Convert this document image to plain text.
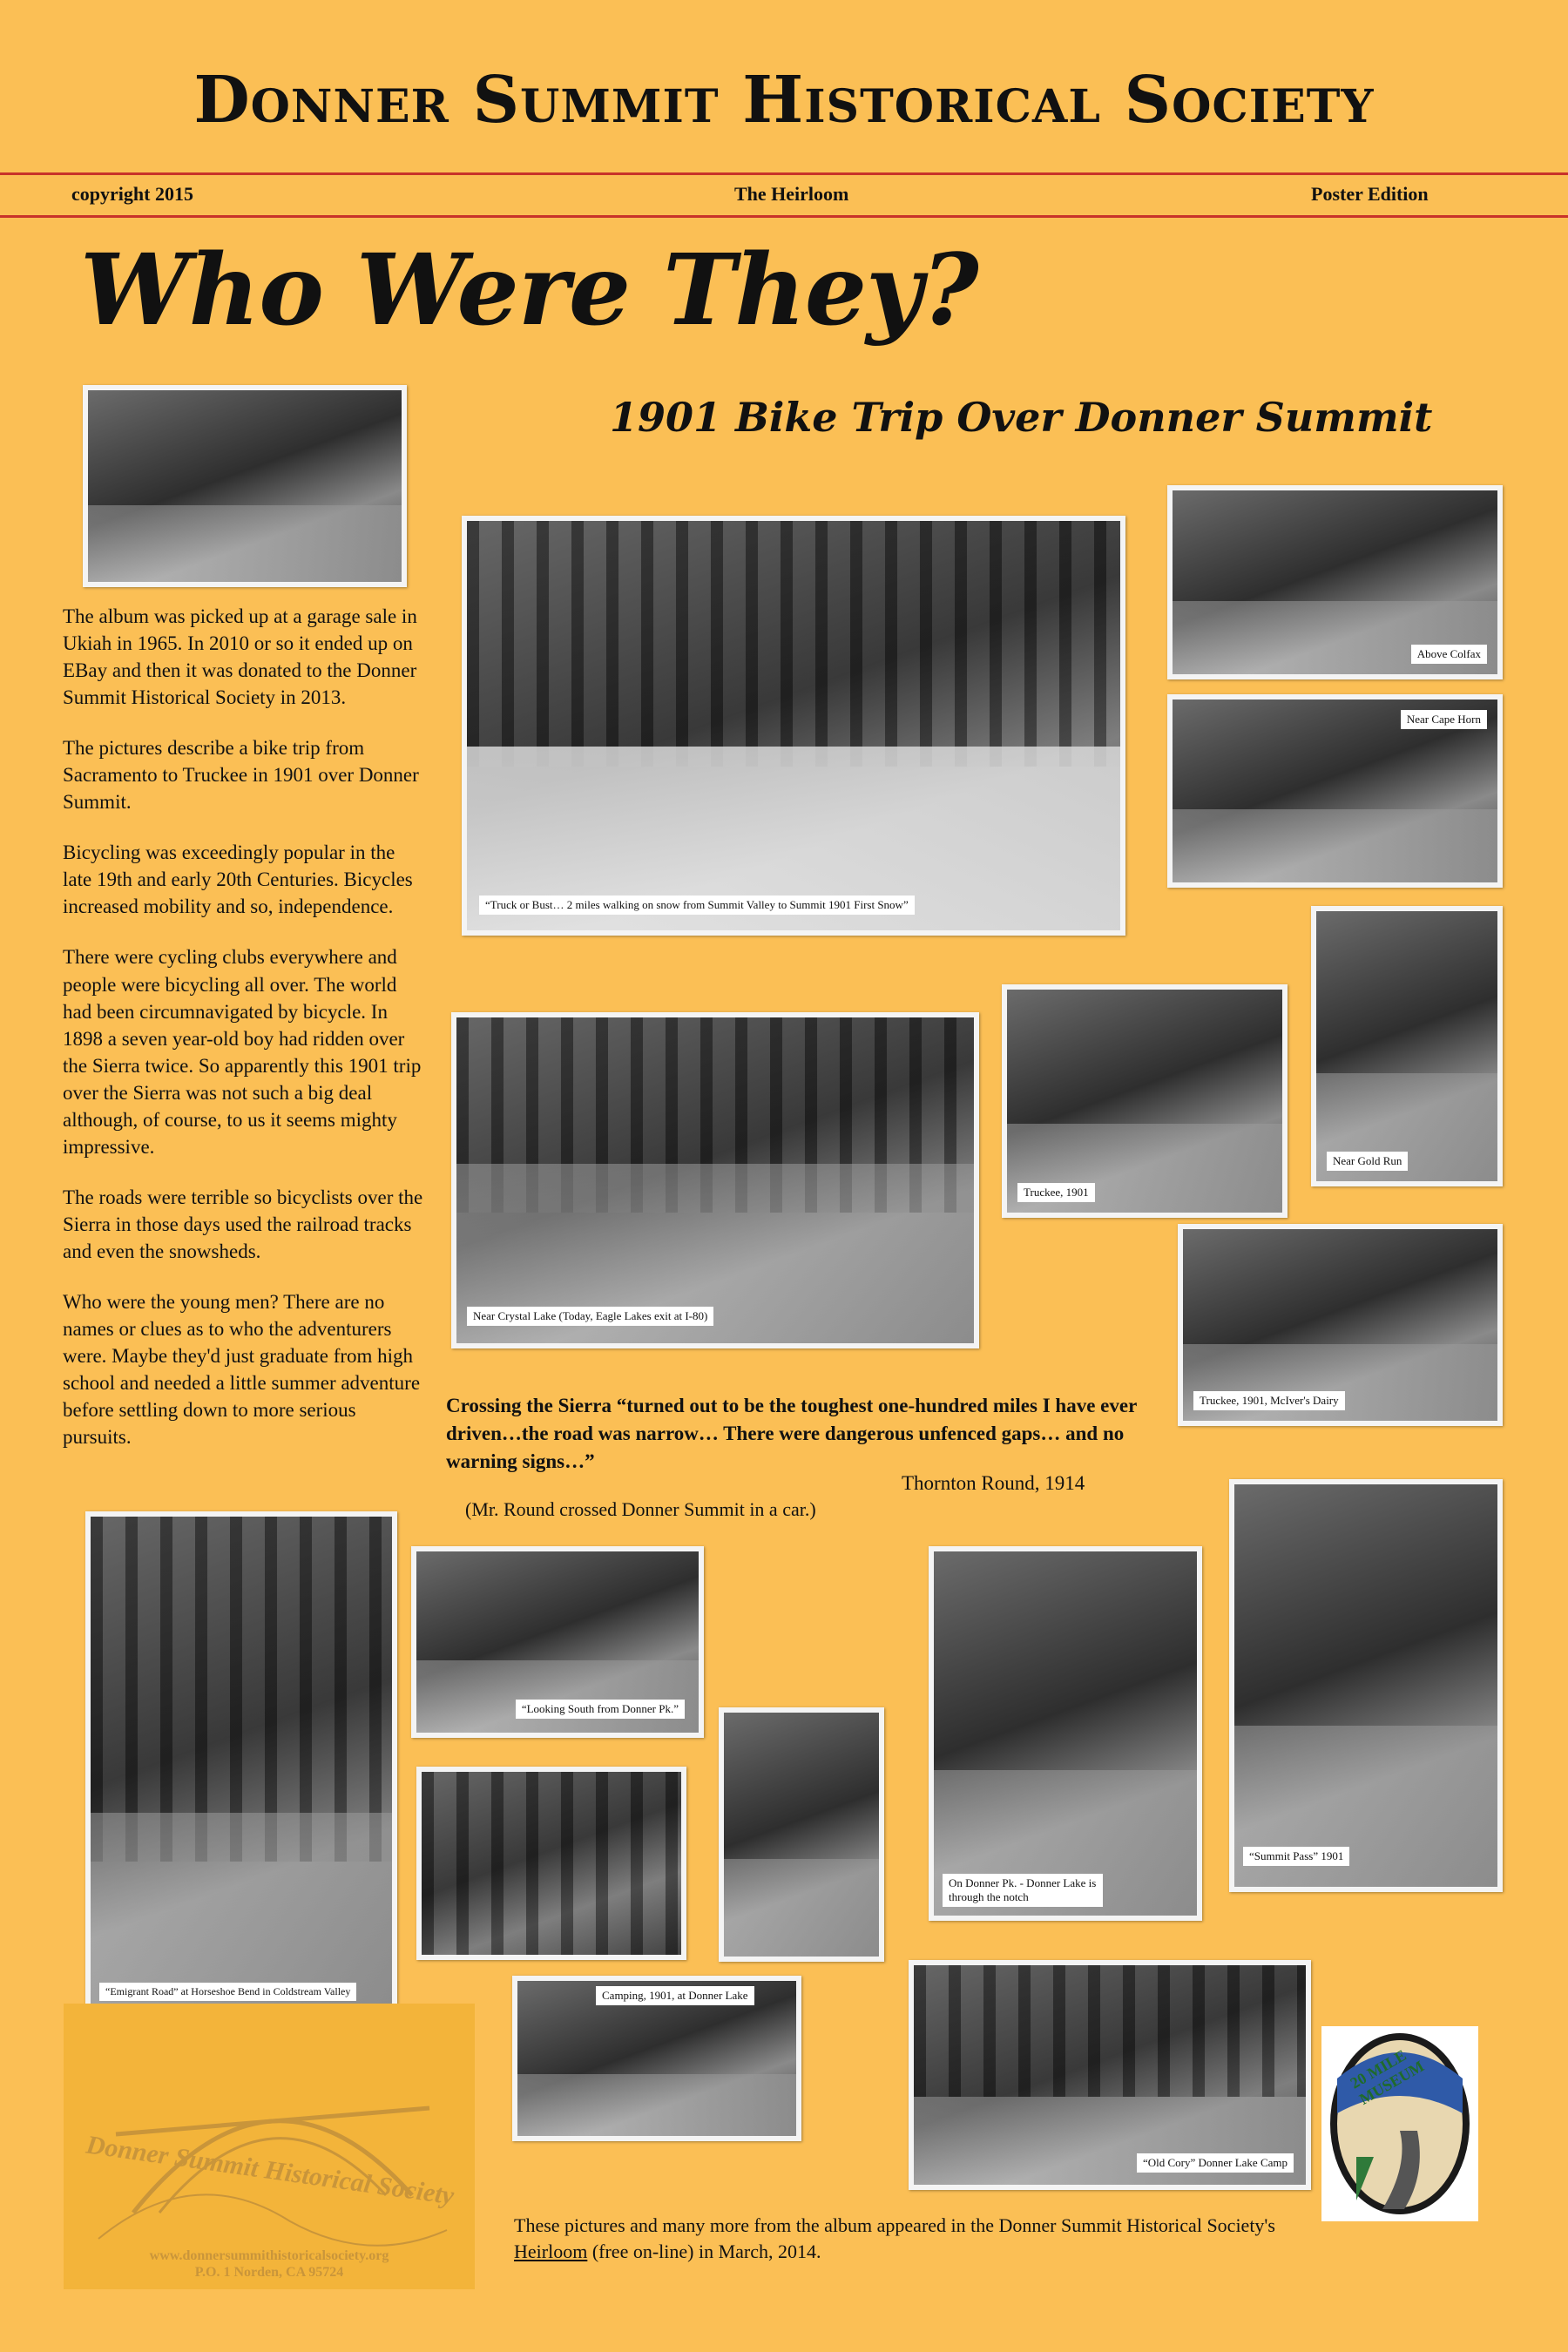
Donner Summit Historical Society
copyright 2015	The Heirloom	Poster Edition
Who Were They?
1901 Bike Trip Over Donner Summit

The album was picked up at a garage sale in Ukiah in 1965. In 2010 or so it ended up on EBay and then it was donated to the Donner Summit Historical Society in 2013.

The pictures describe a bike trip from Sacramento to Truckee in 1901 over Donner Summit.

Bicycling was exceedingly popular in the late 19th and early 20th Centuries. Bicycles increased mobility and so, independence.

There were cycling clubs everywhere and people were bicycling all over. The world had been circumnavigated by bicycle. In 1898 a seven year-old boy had ridden over the Sierra twice. So apparently this 1901 trip over the Sierra was not such a big deal although, of course, to us it seems mighty impressive.

The roads were terrible so bicyclists over the Sierra in those days used the railroad tracks and even the snowsheds.

Who were the young men? There are no names or clues as to who the adventurers were. Maybe they'd just graduate from high school and needed a little summer adventure before settling down to more serious pursuits.

“Truck or Bust… 2 miles walking on snow from Summit Valley to Summit 1901 First Snow”
Above Colfax
Near Cape Horn
Near Gold Run
Truckee, 1901
Near Crystal Lake (Today, Eagle Lakes exit at I-80)
Truckee, 1901, McIver's Dairy
“Emigrant Road” at Horseshoe Bend in Coldstream Valley
“Looking South from Donner Pk.”
On Donner Pk. - Donner Lake is through the notch
“Summit Pass” 1901
Camping, 1901, at Donner Lake
“Old Cory” Donner Lake Camp
Crossing the Sierra “turned out to be the toughest one-hundred miles I have ever driven…the road was narrow… There were dangerous unfenced gaps… and no warning signs…”
Thornton Round, 1914
(Mr. Round crossed Donner Summit in a car.)
Donner Summit Historical Society
www.donnersummithistoricalsociety.org
P.O. 1 Norden, CA 95724
20 MILE MUSEUM
These pictures and many more from the album appeared in the Donner Summit Historical Society's Heirloom (free on-line) in March, 2014.
